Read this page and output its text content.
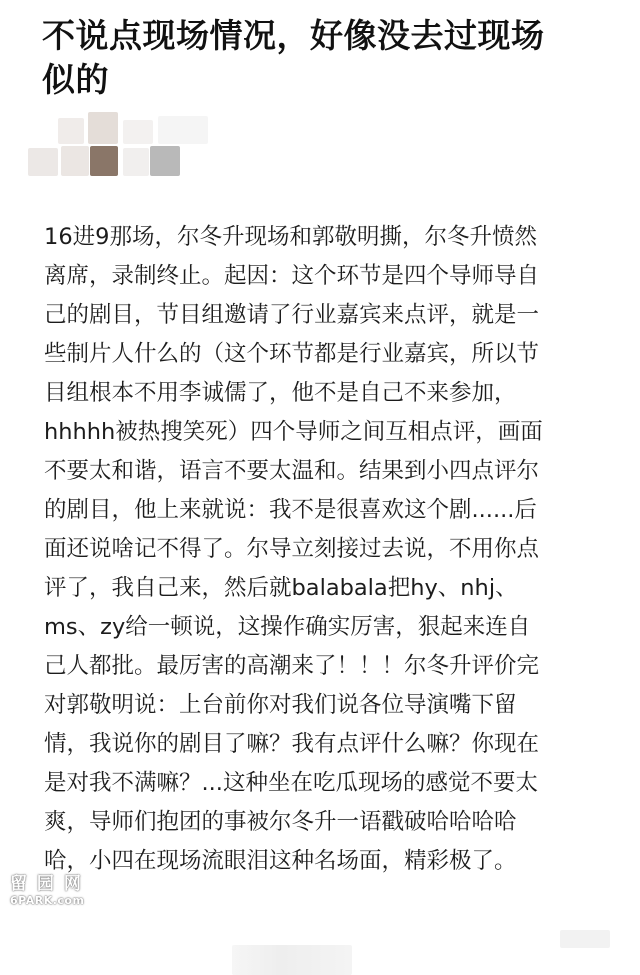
不说点现场情况，好像没去过现场
似的
16进9那场，尔冬升现场和郭敬明撕，尔冬升愤然
离席，录制终止。起因：这个环节是四个导师导自
己的剧目，节目组邀请了行业嘉宾来点评，就是一
些制片人什么的（这个环节都是行业嘉宾，所以节
目组根本不用李诚儒了，他不是自己不来参加，
hhhhh被热搜笑死）四个导师之间互相点评，画面
不要太和谐，语言不要太温和。结果到小四点评尔
的剧目，他上来就说：我不是很喜欢这个剧......后
面还说啥记不得了。尔导立刻接过去说，不用你点
评了，我自己来，然后就balabala把hy、nhj、
ms、zy给一顿说，这操作确实厉害，狠起来连自
己人都批。最厉害的高潮来了！！！尔冬升评价完
对郭敬明说：上台前你对我们说各位导演嘴下留
情，我说你的剧目了嘛？我有点评什么嘛？你现在
是对我不满嘛？...这种坐在吃瓜现场的感觉不要太
爽，导师们抱团的事被尔冬升一语戳破哈哈哈哈
哈，小四在现场流眼泪这种名场面，精彩极了。
留 园 网
6PARK.com
